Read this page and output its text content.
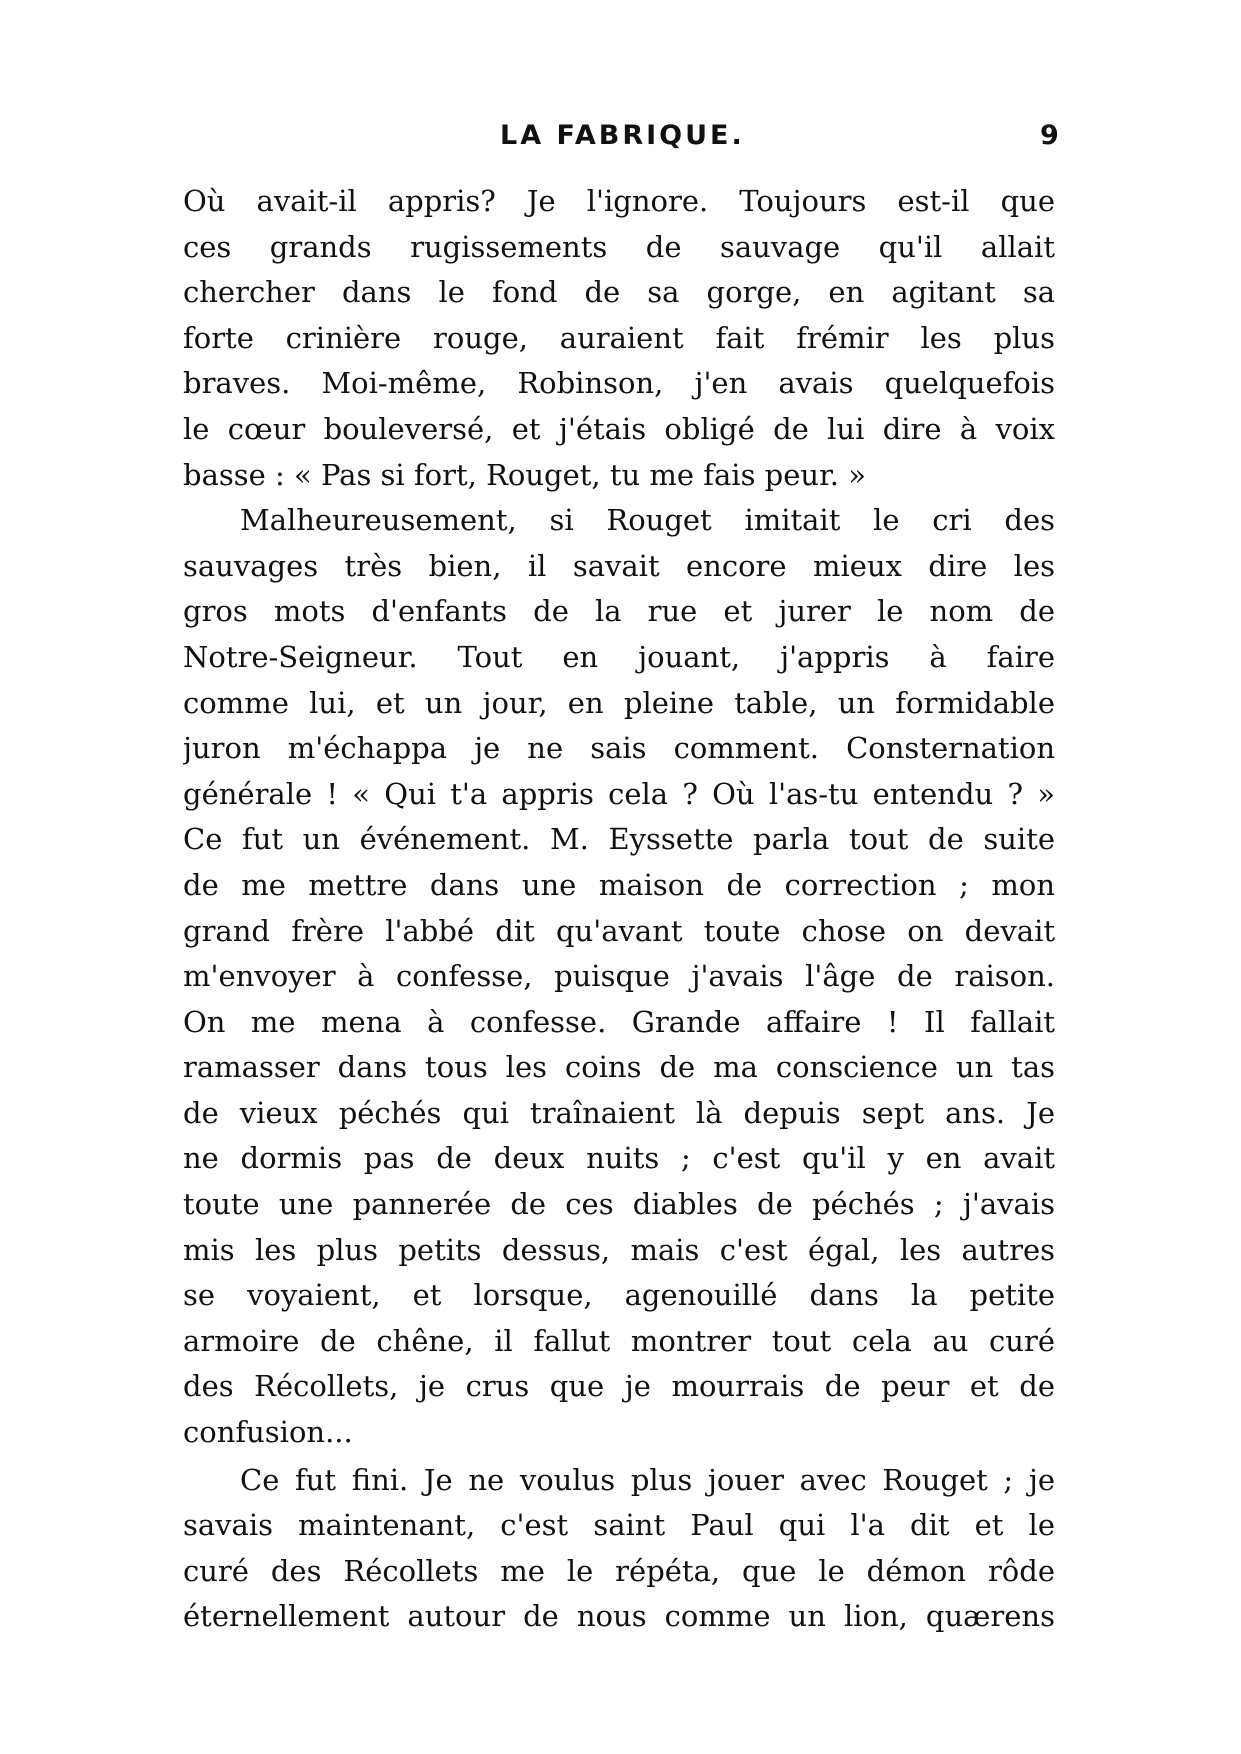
LA FABRIQUE.	9
Où avait-il appris? Je l'ignore. Toujours est-il que
ces grands rugissements de sauvage qu'il allait
chercher dans le fond de sa gorge, en agitant sa
forte crinière rouge, auraient fait frémir les plus
braves. Moi-même, Robinson, j'en avais quelquefois
le cœur bouleversé, et j'étais obligé de lui dire à voix
basse : « Pas si fort, Rouget, tu me fais peur. »
Malheureusement, si Rouget imitait le cri des
sauvages très bien, il savait encore mieux dire les
gros mots d'enfants de la rue et jurer le nom de
Notre-Seigneur. Tout en jouant, j'appris à faire
comme lui, et un jour, en pleine table, un formidable
juron m'échappa je ne sais comment. Consternation
générale ! « Qui t'a appris cela ? Où l'as-tu entendu ? »
Ce fut un événement. M. Eyssette parla tout de suite
de me mettre dans une maison de correction ; mon
grand frère l'abbé dit qu'avant toute chose on devait
m'envoyer à confesse, puisque j'avais l'âge de raison.
On me mena à confesse. Grande affaire ! Il fallait
ramasser dans tous les coins de ma conscience un tas
de vieux péchés qui traînaient là depuis sept ans. Je
ne dormis pas de deux nuits ; c'est qu'il y en avait
toute une pannerée de ces diables de péchés ; j'avais
mis les plus petits dessus, mais c'est égal, les autres
se voyaient, et lorsque, agenouillé dans la petite
armoire de chêne, il fallut montrer tout cela au curé
des Récollets, je crus que je mourrais de peur et de
confusion...
Ce fut fini. Je ne voulus plus jouer avec Rouget ; je
savais maintenant, c'est saint Paul qui l'a dit et le
curé des Récollets me le répéta, que le démon rôde
éternellement autour de nous comme un lion, quærens
